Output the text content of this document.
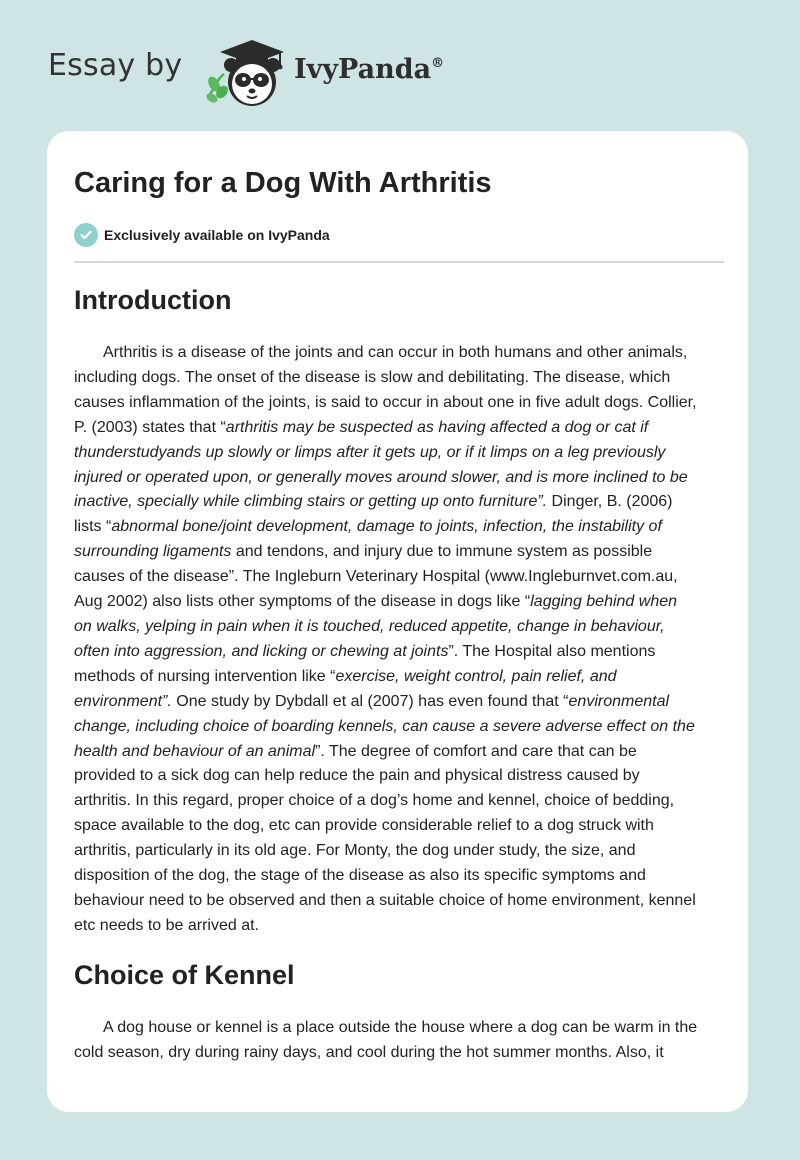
Essay by	IvyPanda®
Caring for a Dog With Arthritis
Exclusively available on IvyPanda
Introduction
Arthritis is a disease of the joints and can occur in both humans and other animals,
including dogs. The onset of the disease is slow and debilitating. The disease, which
causes inflammation of the joints, is said to occur in about one in five adult dogs. Collier,
P. (2003) states that “arthritis may be suspected as having affected a dog or cat if
thunderstudyands up slowly or limps after it gets up, or if it limps on a leg previously
injured or operated upon, or generally moves around slower, and is more inclined to be
inactive, specially while climbing stairs or getting up onto furniture”. Dinger, B. (2006)
lists “abnormal bone/joint development, damage to joints, infection, the instability of
surrounding ligaments and tendons, and injury due to immune system as possible
causes of the disease”. The Ingleburn Veterinary Hospital (www.Ingleburnvet.com.au,
Aug 2002) also lists other symptoms of the disease in dogs like “lagging behind when
on walks, yelping in pain when it is touched, reduced appetite, change in behaviour,
often into aggression, and licking or chewing at joints”. The Hospital also mentions
methods of nursing intervention like “exercise, weight control, pain relief, and
environment”. One study by Dybdall et al (2007) has even found that “environmental
change, including choice of boarding kennels, can cause a severe adverse effect on the
health and behaviour of an animal”. The degree of comfort and care that can be
provided to a sick dog can help reduce the pain and physical distress caused by
arthritis. In this regard, proper choice of a dog’s home and kennel, choice of bedding,
space available to the dog, etc can provide considerable relief to a dog struck with
arthritis, particularly in its old age. For Monty, the dog under study, the size, and
disposition of the dog, the stage of the disease as also its specific symptoms and
behaviour need to be observed and then a suitable choice of home environment, kennel
etc needs to be arrived at.
Choice of Kennel
A dog house or kennel is a place outside the house where a dog can be warm in the
cold season, dry during rainy days, and cool during the hot summer months. Also, it
